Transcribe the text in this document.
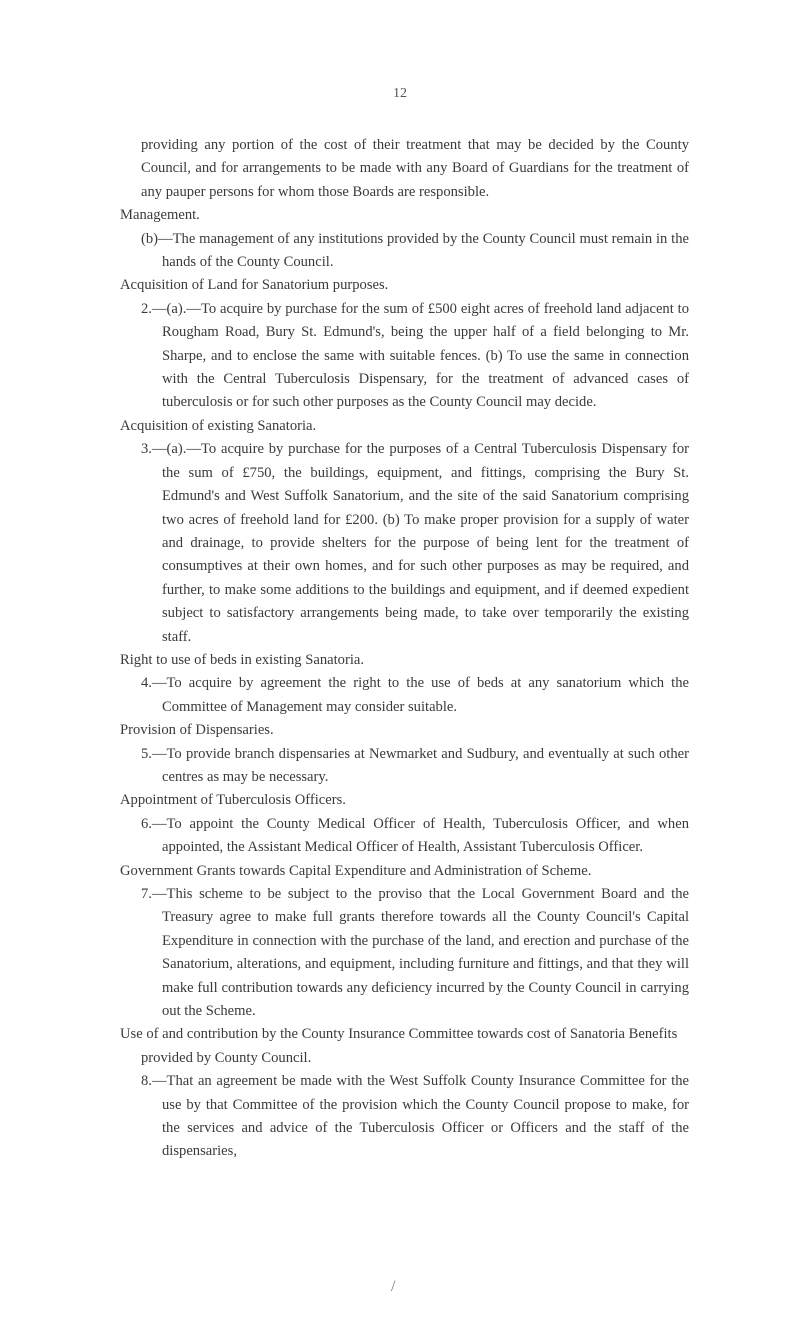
12

providing any portion of the cost of their treatment that may be decided by the County Council, and for arrangements to be made with any Board of Guardians for the treatment of any pauper persons for whom those Boards are responsible.

Management.

(b)—The management of any institutions provided by the County Council must remain in the hands of the County Council.

Acquisition of Land for Sanatorium purposes.

2.—(a).—To acquire by purchase for the sum of £500 eight acres of freehold land adjacent to Rougham Road, Bury St. Edmund's, being the upper half of a field belonging to Mr. Sharpe, and to enclose the same with suitable fences. (b) To use the same in connection with the Central Tuberculosis Dispensary, for the treatment of advanced cases of tuberculosis or for such other purposes as the County Council may decide.

Acquisition of existing Sanatoria.

3.—(a).—To acquire by purchase for the purposes of a Central Tuberculosis Dispensary for the sum of £750, the buildings, equipment, and fittings, comprising the Bury St. Edmund's and West Suffolk Sanatorium, and the site of the said Sanatorium comprising two acres of freehold land for £200. (b) To make proper provision for a supply of water and drainage, to provide shelters for the purpose of being lent for the treatment of consumptives at their own homes, and for such other purposes as may be required, and further, to make some additions to the buildings and equipment, and if deemed expedient subject to satisfactory arrangements being made, to take over temporarily the existing staff.

Right to use of beds in existing Sanatoria.

4.—To acquire by agreement the right to the use of beds at any sanatorium which the Committee of Management may consider suitable.

Provision of Dispensaries.

5.—To provide branch dispensaries at Newmarket and Sudbury, and eventually at such other centres as may be necessary.

Appointment of Tuberculosis Officers.

6.—To appoint the County Medical Officer of Health, Tuberculosis Officer, and when appointed, the Assistant Medical Officer of Health, Assistant Tuberculosis Officer.

Government Grants towards Capital Expenditure and Administration of Scheme.

7.—This scheme to be subject to the proviso that the Local Government Board and the Treasury agree to make full grants therefore towards all the County Council's Capital Expenditure in connection with the purchase of the land, and erection and purchase of the Sanatorium, alterations, and equipment, including furniture and fittings, and that they will make full contribution towards any deficiency incurred by the County Council in carrying out the Scheme.

Use of and contribution by the County Insurance Committee towards cost of Sanatoria Benefits provided by County Council.

8.—That an agreement be made with the West Suffolk County Insurance Committee for the use by that Committee of the provision which the County Council propose to make, for the services and advice of the Tuberculosis Officer or Officers and the staff of the dispensaries,

/
